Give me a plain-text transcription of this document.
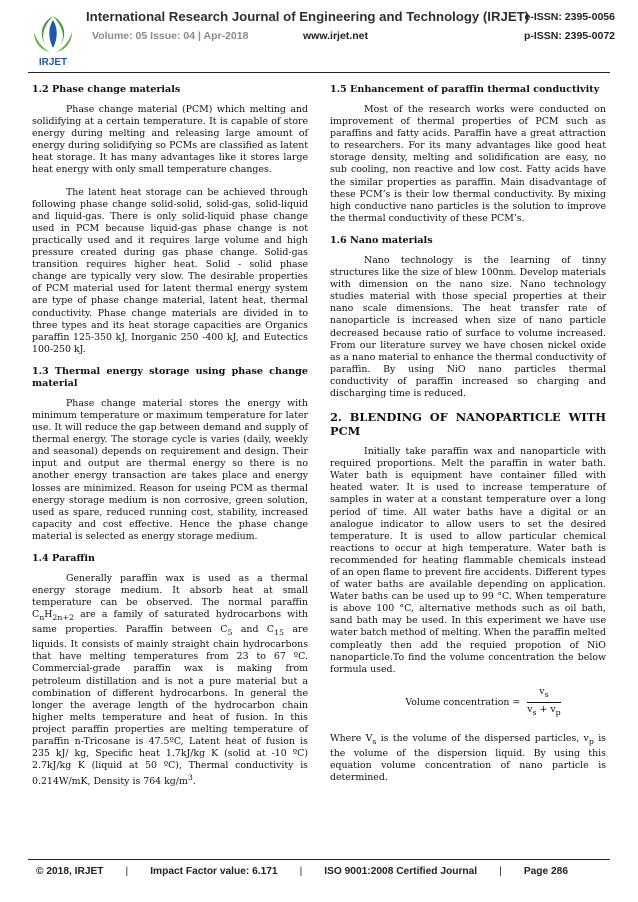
IRJET
International Research Journal of Engineering and Technology (IRJET)
Volume: 05 Issue: 04 | Apr-2018	www.irjet.net
e-ISSN: 2395-0056
p-ISSN: 2395-0072
1.2 Phase change materials

Phase change material (PCM) which melting and solidifying at a certain temperature. It is capable of store energy during melting and releasing large amount of energy during solidifying so PCMs are classified as latent heat storage. It has many advantages like it stores large heat energy with only small temperature changes.

The latent heat storage can be achieved through following phase change solid-solid, solid-gas, solid-liquid and liquid-gas. There is only solid-liquid phase change used in PCM because liquid-gas phase change is not practically used and it requires large volume and high pressure created during gas phase change. Solid-gas transition requires higher heat. Solid - solid phase change are typically very slow. The desirable properties of PCM material used for latent thermal energy system are type of phase change material, latent heat, thermal conductivity. Phase change materials are divided in to three types and its heat storage capacities are Organics paraffin 125-350 kJ, Inorganic 250 -400 kJ, and Eutectics 100-250 kJ.

1.3 Thermal energy storage using phase change material

Phase change material stores the energy with minimum temperature or maximum temperature for later use. It will reduce the gap between demand and supply of thermal energy. The storage cycle is varies (daily, weekly and seasonal) depends on requirement and design. Their input and output are thermal energy so there is no another energy transaction are takes place and energy losses are minimized. Reason for useing PCM as thermal energy storage medium is non corrosive, green solution, used as spare, reduced running cost, stability, increased capacity and cost effective. Hence the phase change material is selected as energy storage medium.

1.4 Paraffin

Generally paraffin wax is used as a thermal energy storage medium. It absorb heat at small temperature can be observed. The normal paraffin $C_nH_{2n+2}$ are a family of saturated hydrocarbons with same properties. Paraffin between $C_5$ and $C_{15}$ are liquids. It consists of mainly straight chain hydrocarbons that have melting temperatures from 23 to 67 ºC. Commercial-grade paraffin wax is making from petroleum distillation and is not a pure material but a combination of different hydrocarbons. In general the longer the average length of the hydrocarbon chain higher melts temperature and heat of fusion. In this project paraffin properties are melting temperature of paraffin n-Tricosane is 47.5ºC, Latent heat of fusion is 235 kJ/ kg, Specific heat 1.7kJ/kg K (solid at -10 ºC) 2.7kJ/kg K (liquid at 50 ºC), Thermal conductivity is 0.214W/mK, Density is 764 $kg/m^3$.

1.5 Enhancement of paraffin thermal conductivity

Most of the research works were conducted on improvement of thermal properties of PCM such as paraffins and fatty acids. Paraffin have a great attraction to researchers. For its many advantages like good heat storage density, melting and solidification are easy, no sub cooling, non reactive and low cost. Fatty acids have the similar properties as paraffin. Main disadvantage of these PCM’s is their low thermal conductivity. By mixing high conductive nano particles is the solution to improve the thermal conductivity of these PCM’s.

1.6 Nano materials

Nano technology is the learning of tinny structures like the size of blew 100nm. Develop materials with dimension on the nano size. Nano technology studies material with those special properties at their nano scale dimensions. The heat transfer rate of nanoparticle is increased when size of nano particle decreased because ratio of surface to volume increased. From our literature survey we have chosen nickel oxide as a nano material to enhance the thermal conductivity of paraffin. By using NiO nano particles thermal conductivity of paraffin increased so charging and discharging time is reduced.

2. BLENDING OF NANOPARTICLE WITH PCM

Initially take paraffin wax and nanoparticle with required proportions. Melt the paraffin in water bath. Water bath is equipment have container filled with heated water. It is used to increase temperature of samples in water at a constant temperature over a long period of time. All water baths have a digital or an analogue indicator to allow users to set the desired temperature. It is used to allow particular chemical reactions to occur at high temperature. Water bath is recommended for heating flammable chemicals instead of an open flame to prevent fire accidents. Different types of water baths are available depending on application. Water baths can be used up to 99 °C. When temperature is above 100 °C, alternative methods such as oil bath, sand bath may be used. In this experiment we have use water batch method of melting. When the paraffin melted compleatly then add the requied propotion of NiO nanoparticle.To find the volume concentration the below formula used.

Volume concentration = $\frac{v_s}{v_s + v_p}$

Where $V_s$ is the volume of the dispersed particles, $v_p$ is the volume of the dispersion liquid. By using this equation volume concentration of nano particle is determined.

© 2018, IRJET | Impact Factor value: 6.171 | ISO 9001:2008 Certified Journal | Page 286
